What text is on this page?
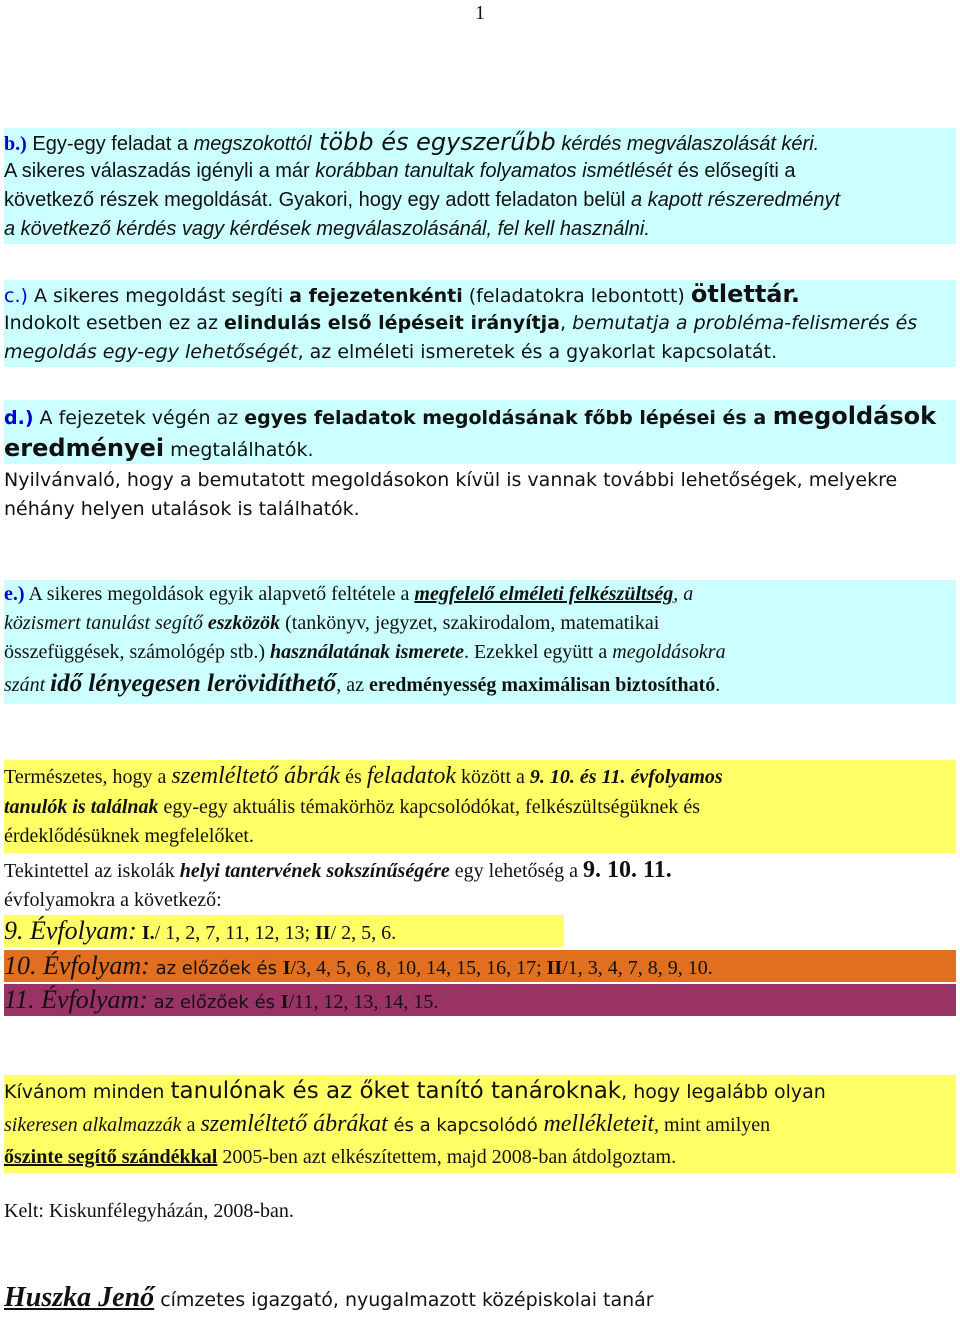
1
b.) Egy-egy feladat a megszokottól több és egyszerűbb kérdés megválaszolását kéri.
A sikeres válaszadás igényli a már korábban tanultak folyamatos ismétlését és elősegíti a
következő részek megoldását. Gyakori, hogy egy adott feladaton belül a kapott részeredményt
a következő kérdés vagy kérdések megválaszolásánál, fel kell használni.
c.) A sikeres megoldást segíti a fejezetenkénti (feladatokra lebontott) ötlettár.
Indokolt esetben ez az elindulás első lépéseit irányítja, bemutatja a probléma-felismerés és
megoldás egy-egy lehetőségét, az elméleti ismeretek és a gyakorlat kapcsolatát.
d.) A fejezetek végén az egyes feladatok megoldásának főbb lépései és a megoldások
eredményei megtalálhatók.
Nyilvánvaló, hogy a bemutatott megoldásokon kívül is vannak további lehetőségek, melyekre
néhány helyen utalások is találhatók.
e.) A sikeres megoldások egyik alapvető feltétele a megfelelő elméleti felkészültség, a
közismert tanulást segítő eszközök (tankönyv, jegyzet, szakirodalom, matematikai
összefüggések, számológép stb.) használatának ismerete. Ezekkel együtt a megoldásokra
szánt idő lényegesen lerövidíthető, az eredményesség maximálisan biztosítható.
Természetes, hogy a szemléltető ábrák és feladatok között a 9. 10. és 11. évfolyamos
tanulók is találnak egy-egy aktuális témakörhöz kapcsolódókat, felkészültségüknek és
érdeklődésüknek megfelelőket.
Tekintettel az iskolák helyi tantervének sokszínűségére egy lehetőség a 9. 10. 11.
évfolyamokra a következő:
9. Évfolyam: I./ 1, 2, 7, 11, 12, 13; II/ 2, 5, 6.
10. Évfolyam: az előzőek és I/3, 4, 5, 6, 8, 10, 14, 15, 16, 17; II/1, 3, 4, 7, 8, 9, 10.
11. Évfolyam: az előzőek és I/11, 12, 13, 14, 15.
Kívánom minden tanulónak és az őket tanító tanároknak, hogy legalább olyan
sikeresen alkalmazzák a szemléltető ábrákat és a kapcsolódó mellékleteit, mint amilyen
őszinte segítő szándékkal 2005-ben azt elkészítettem, majd 2008-ban átdolgoztam.
Kelt: Kiskunfélegyházán, 2008-ban.
Huszka Jenő címzetes igazgató, nyugalmazott középiskolai tanár
